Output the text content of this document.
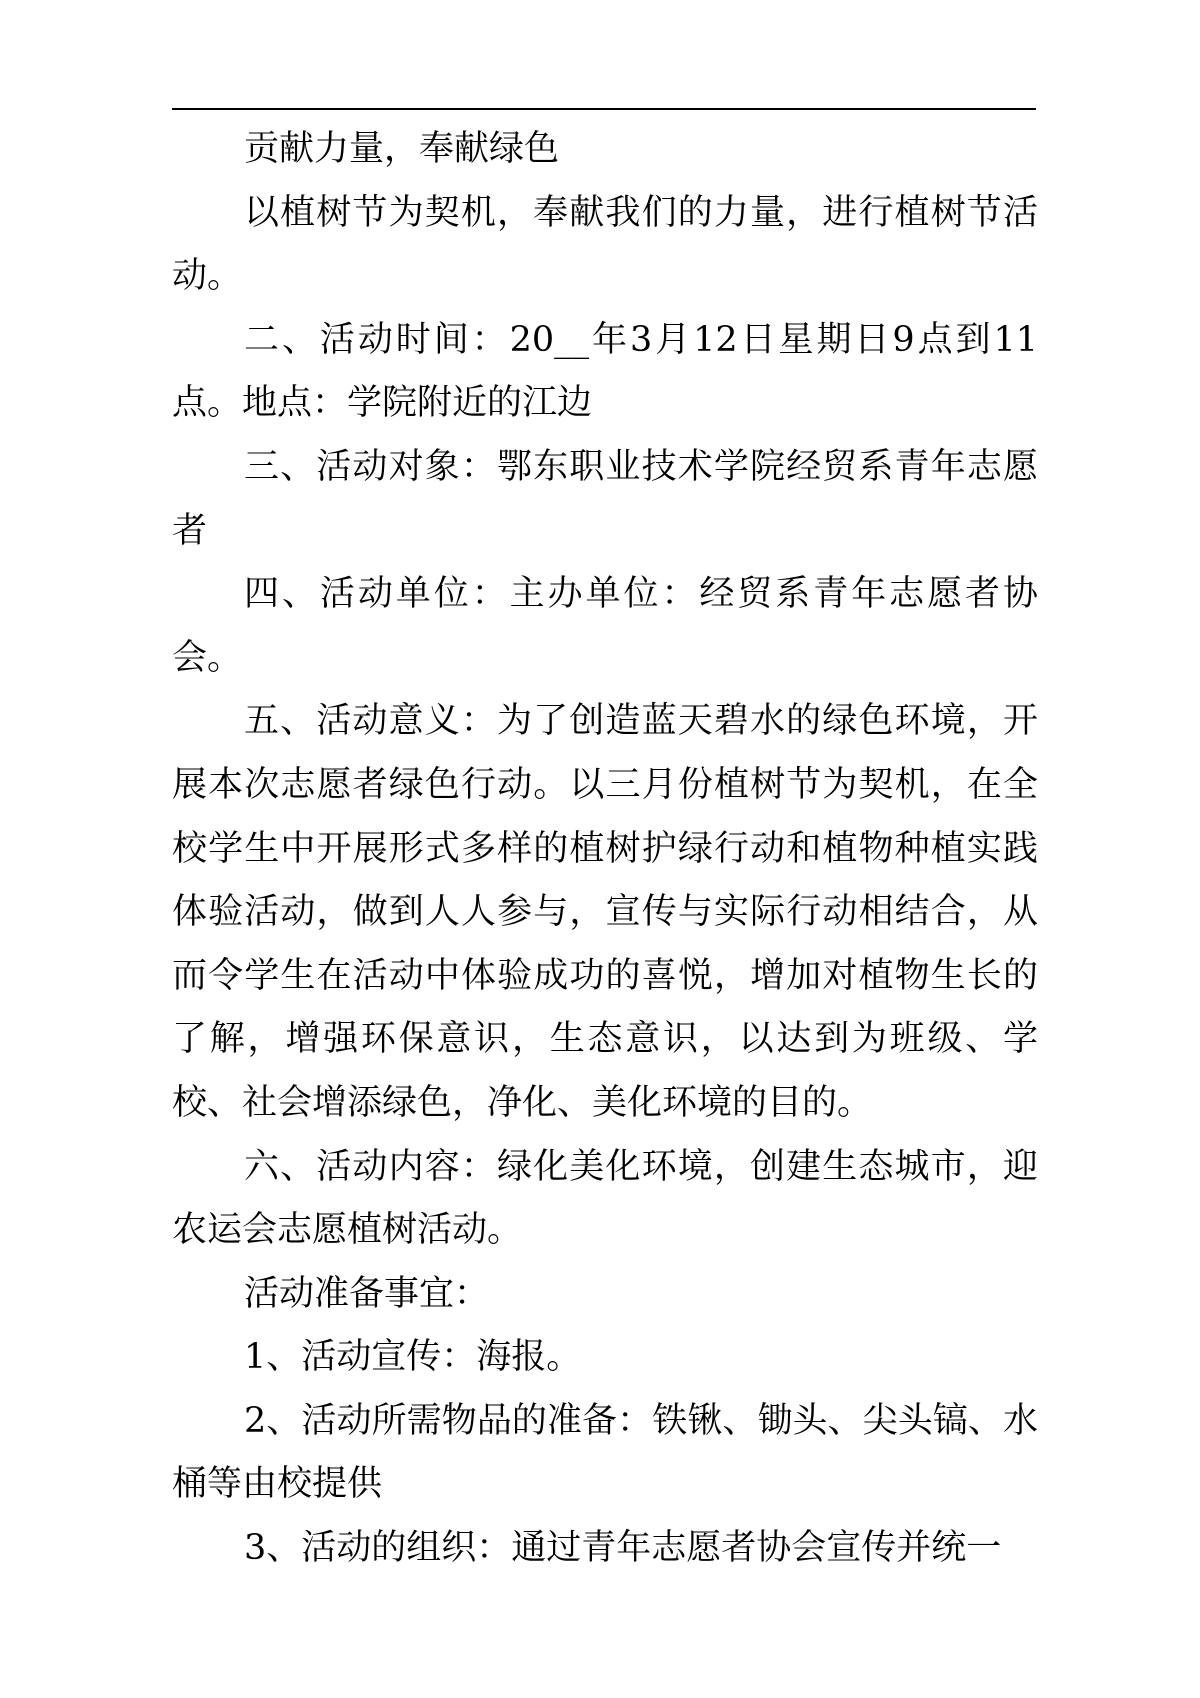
贡献力量，奉献绿色

以植树节为契机，奉献我们的力量，进行植树节活动。

二、活动时间：20__年3月12日星期日9点到11点。地点：学院附近的江边

三、活动对象：鄂东职业技术学院经贸系青年志愿者

四、活动单位：主办单位：经贸系青年志愿者协会。

五、活动意义：为了创造蓝天碧水的绿色环境，开展本次志愿者绿色行动。以三月份植树节为契机，在全校学生中开展形式多样的植树护绿行动和植物种植实践体验活动，做到人人参与，宣传与实际行动相结合，从而令学生在活动中体验成功的喜悦，增加对植物生长的了解，增强环保意识，生态意识，以达到为班级、学校、社会增添绿色，净化、美化环境的目的。

六、活动内容：绿化美化环境，创建生态城市，迎农运会志愿植树活动。

活动准备事宜：

1、活动宣传：海报。

2、活动所需物品的准备：铁锹、锄头、尖头镐、水桶等由校提供

3、活动的组织：通过青年志愿者协会宣传并统一
